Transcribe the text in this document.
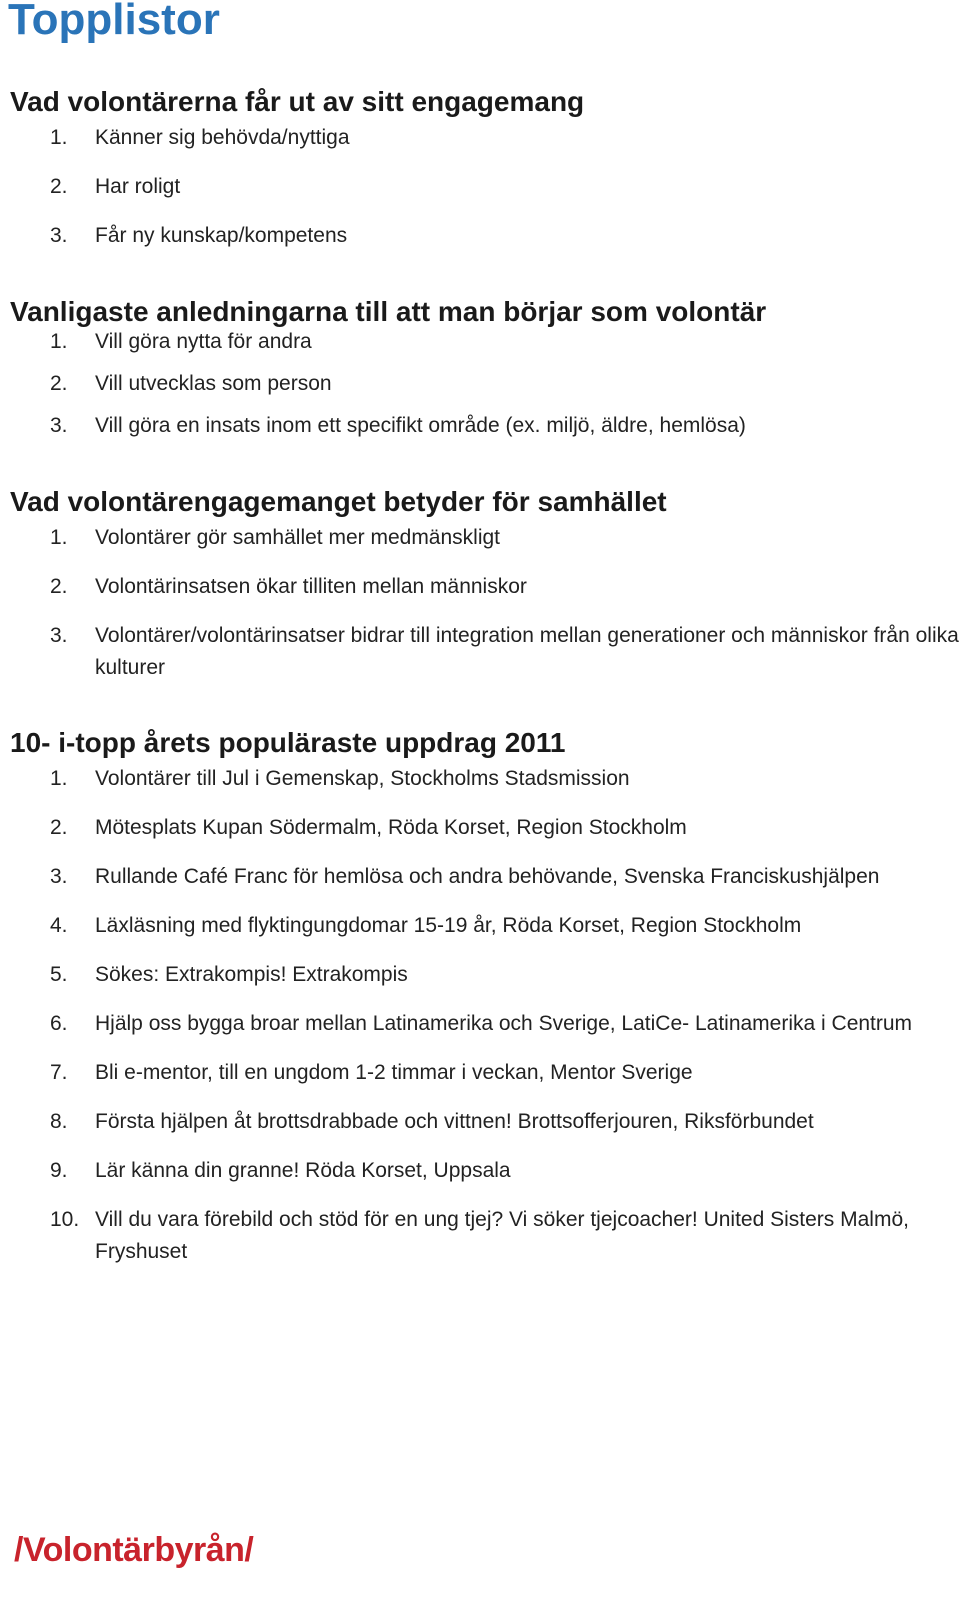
Topplistor
Vad volontärerna får ut av sitt engagemang
1. Känner sig behövda/nyttiga
2. Har roligt
3. Får ny kunskap/kompetens
Vanligaste anledningarna till att man börjar som volontär
1. Vill göra nytta för andra
2. Vill utvecklas som person
3. Vill göra en insats inom ett specifikt område (ex. miljö, äldre, hemlösa)
Vad volontärengagemanget betyder för samhället
1. Volontärer gör samhället mer medmänskligt
2. Volontärinsatsen ökar tilliten mellan människor
3. Volontärer/volontärinsatser bidrar till integration mellan generationer och människor från olika kulturer
10- i-topp årets populäraste uppdrag 2011
1. Volontärer till Jul i Gemenskap, Stockholms Stadsmission
2. Mötesplats Kupan Södermalm, Röda Korset, Region Stockholm
3. Rullande Café Franc för hemlösa och andra behövande, Svenska Franciskushjälpen
4. Läxläsning med flyktingungdomar 15-19 år, Röda Korset, Region Stockholm
5. Sökes: Extrakompis! Extrakompis
6. Hjälp oss bygga broar mellan Latinamerika och Sverige, LatiCe- Latinamerika i Centrum
7. Bli e-mentor, till en ungdom 1-2 timmar i veckan, Mentor Sverige
8. Första hjälpen åt brottsdrabbade och vittnen! Brottsofferjouren, Riksförbundet
9. Lär känna din granne! Röda Korset, Uppsala
10. Vill du vara förebild och stöd för en ung tjej? Vi söker tjejcoacher! United Sisters Malmö, Fryshuset
/Volontärbyrån/
